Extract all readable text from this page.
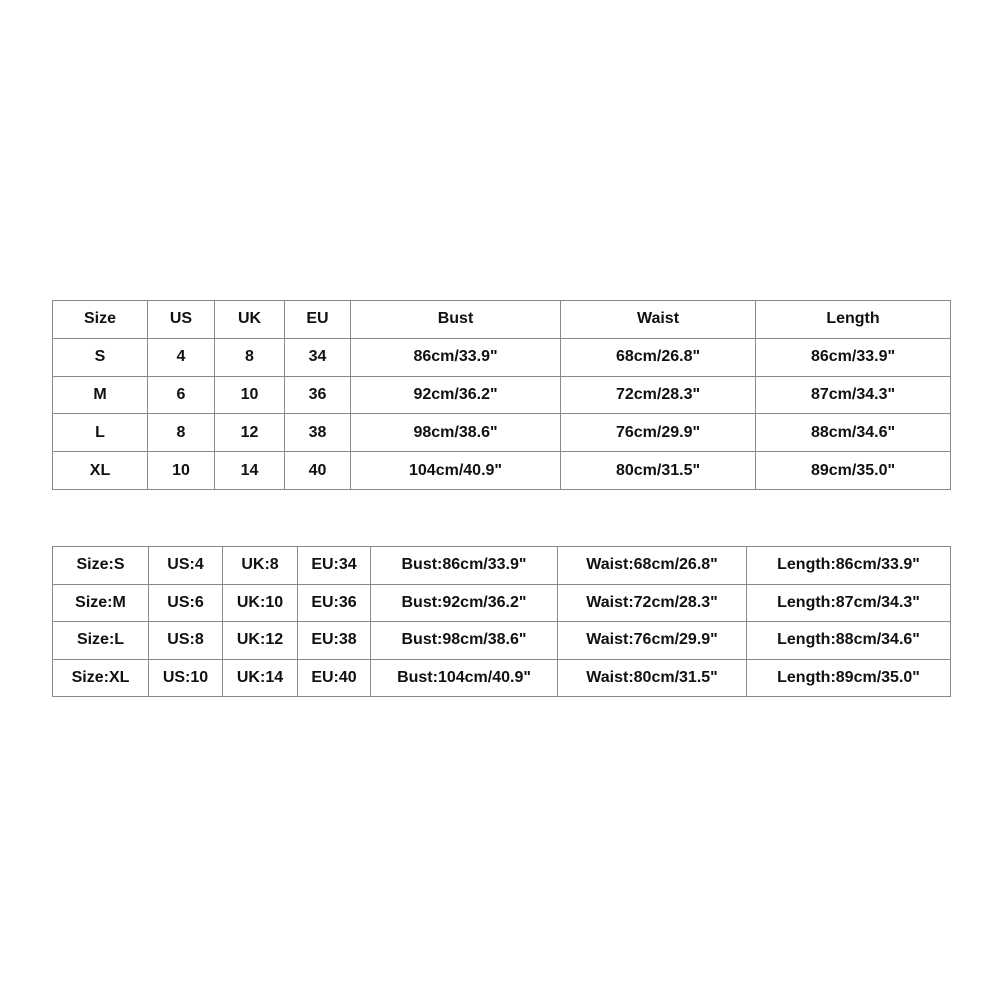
Size	US	UK	EU	Bust	Waist	Length
S	4	8	34	86cm/33.9"	68cm/26.8"	86cm/33.9"
M	6	10	36	92cm/36.2"	72cm/28.3"	87cm/34.3"
L	8	12	38	98cm/38.6"	76cm/29.9"	88cm/34.6"
XL	10	14	40	104cm/40.9"	80cm/31.5"	89cm/35.0"
Size:S	US:4	UK:8	EU:34	Bust:86cm/33.9"	Waist:68cm/26.8"	Length:86cm/33.9"
Size:M	US:6	UK:10	EU:36	Bust:92cm/36.2"	Waist:72cm/28.3"	Length:87cm/34.3"
Size:L	US:8	UK:12	EU:38	Bust:98cm/38.6"	Waist:76cm/29.9"	Length:88cm/34.6"
Size:XL	US:10	UK:14	EU:40	Bust:104cm/40.9"	Waist:80cm/31.5"	Length:89cm/35.0"
